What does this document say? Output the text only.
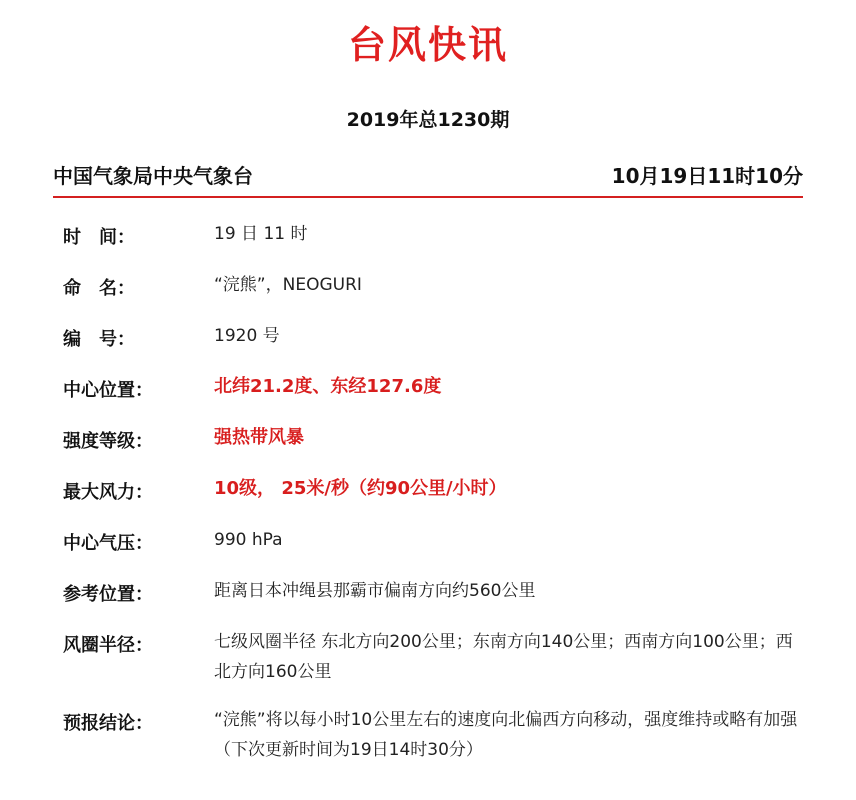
台风快讯
2019年总1230期
中国气象局中央气象台	10月19日11时10分
时　间：	19 日 11 时
命　名：	“浣熊”，NEOGURI
编　号：	1920 号
中心位置：	北纬21.2度、东经127.6度
强度等级：	强热带风暴
最大风力：	10级， 25米/秒（约90公里/小时）
中心气压：	990 hPa
参考位置：	距离日本冲绳县那霸市偏南方向约560公里
风圈半径：	七级风圈半径 东北方向200公里；东南方向140公里；西南方向100公里；西北方向160公里
预报结论：	“浣熊”将以每小时10公里左右的速度向北偏西方向移动，强度维持或略有加强
（下次更新时间为19日14时30分）
